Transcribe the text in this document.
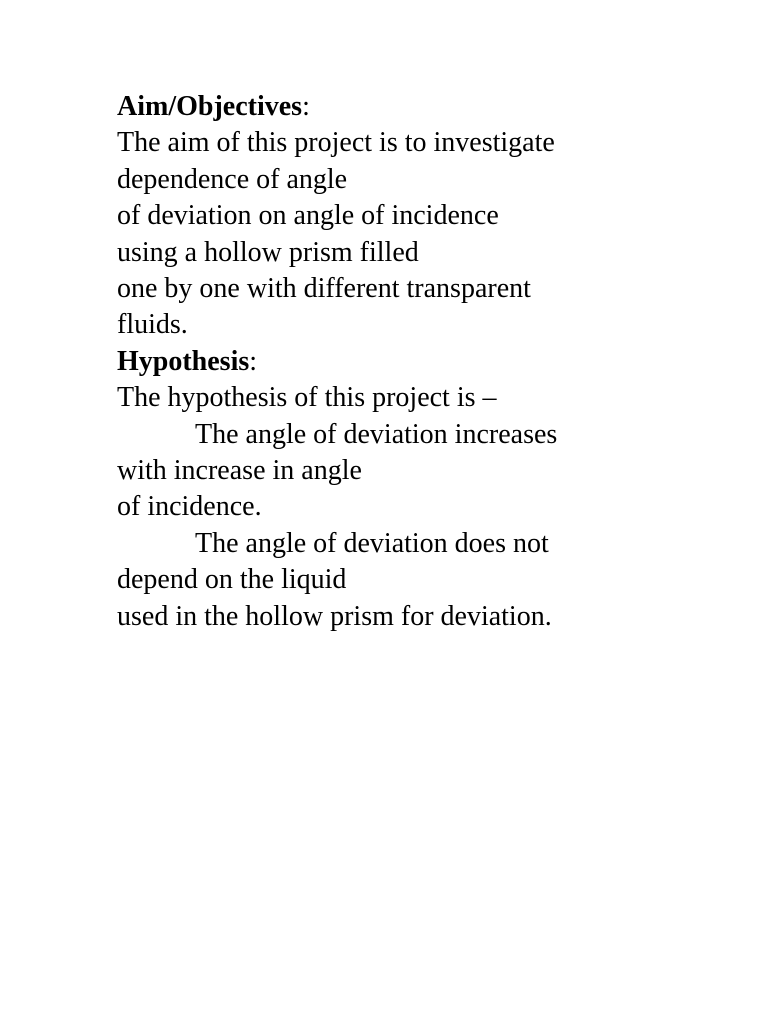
Aim/Objectives:
The aim of this project is to investigate
dependence of angle
of deviation on angle of incidence
using a hollow prism filled
one by one with different transparent
fluids.
Hypothesis:
The hypothesis of this project is –
The angle of deviation increases
with increase in angle
of incidence.
The angle of deviation does not
depend on the liquid
used in the hollow prism for deviation.
